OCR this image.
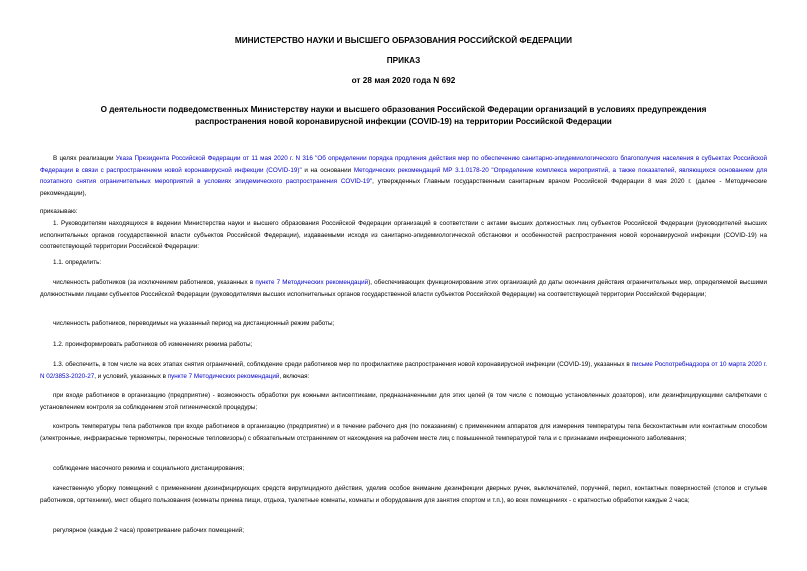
МИНИСТЕРСТВО НАУКИ И ВЫСШЕГО ОБРАЗОВАНИЯ РОССИЙСКОЙ ФЕДЕРАЦИИ
ПРИКАЗ
от 28 мая 2020 года N 692
О деятельности подведомственных Министерству науки и высшего образования Российской Федерации организаций в условиях предупреждения
распространения новой коронавирусной инфекции (COVID-19) на территории Российской Федерации
В целях реализации Указа Президента Российской Федерации от 11 мая 2020 г. N 316 "Об определении порядка продления действия мер по обеспечению санитарно-эпидемиологического благополучия населения в субъектах Российской Федерации в связи с распространением новой коронавирусной инфекции (COVID-19)" и на основании Методических рекомендаций МР 3.1.0178-20 "Определение комплекса мероприятий, а также показателей, являющихся основанием для поэтапного снятия ограничительных мероприятий в условиях эпидемического распространения COVID-19", утвержденных Главным государственным санитарным врачом Российской Федерации 8 мая 2020 г. (далее - Методические рекомендации),
приказываю:
1. Руководителям находящихся в ведении Министерства науки и высшего образования Российской Федерации организаций в соответствии с актами высших должностных лиц субъектов Российской Федерации (руководителей высших исполнительных органов государственной власти субъектов Российской Федерации), издаваемыми исходя из санитарно-эпидемиологической обстановки и особенностей распространения новой коронавирусной инфекции (COVID-19) на соответствующей территории Российской Федерации:
1.1. определить:
численность работников (за исключением работников, указанных в пункте 7 Методических рекомендаций), обеспечивающих функционирование этих организаций до даты окончания действия ограничительных мер, определяемой высшими должностными лицами субъектов Российской Федерации (руководителями высших исполнительных органов государственной власти субъектов Российской Федерации) на соответствующей территории Российской Федерации;
численность работников, переводимых на указанный период на дистанционный режим работы;
1.2. проинформировать работников об изменениях режима работы;
1.3. обеспечить, в том числе на всех этапах снятия ограничений, соблюдение среди работников мер по профилактике распространения новой коронавирусной инфекции (COVID-19), указанных в письме Роспотребнадзора от 10 марта 2020 г. N 02/3853-2020-27, и условий, указанных в пункте 7 Методических рекомендаций, включая:
при входе работников в организацию (предприятие) - возможность обработки рук кожными антисептиками, предназначенными для этих целей (в том числе с помощью установленных дозаторов), или дезинфицирующими салфетками с установлением контроля за соблюдением этой гигиенической процедуры;
контроль температуры тела работников при входе работников в организацию (предприятие) и в течение рабочего дня (по показаниям) с применением аппаратов для измерения температуры тела бесконтактным или контактным способом (электронные, инфракрасные термометры, переносные тепловизоры) с обязательным отстранением от нахождения на рабочем месте лиц с повышенной температурой тела и с признаками инфекционного заболевания;
соблюдение масочного режима и социального дистанцирования;
качественную уборку помещений с применением дезинфицирующих средств вирулицидного действия, уделив особое внимание дезинфекции дверных ручек, выключателей, поручней, перил, контактных поверхностей (столов и стульев работников, оргтехники), мест общего пользования (комнаты приема пищи, отдыха, туалетные комнаты, комнаты и оборудования для занятия спортом и т.п.), во всех помещениях - с кратностью обработки каждые 2 часа;
регулярное (каждые 2 часа) проветривание рабочих помещений;
